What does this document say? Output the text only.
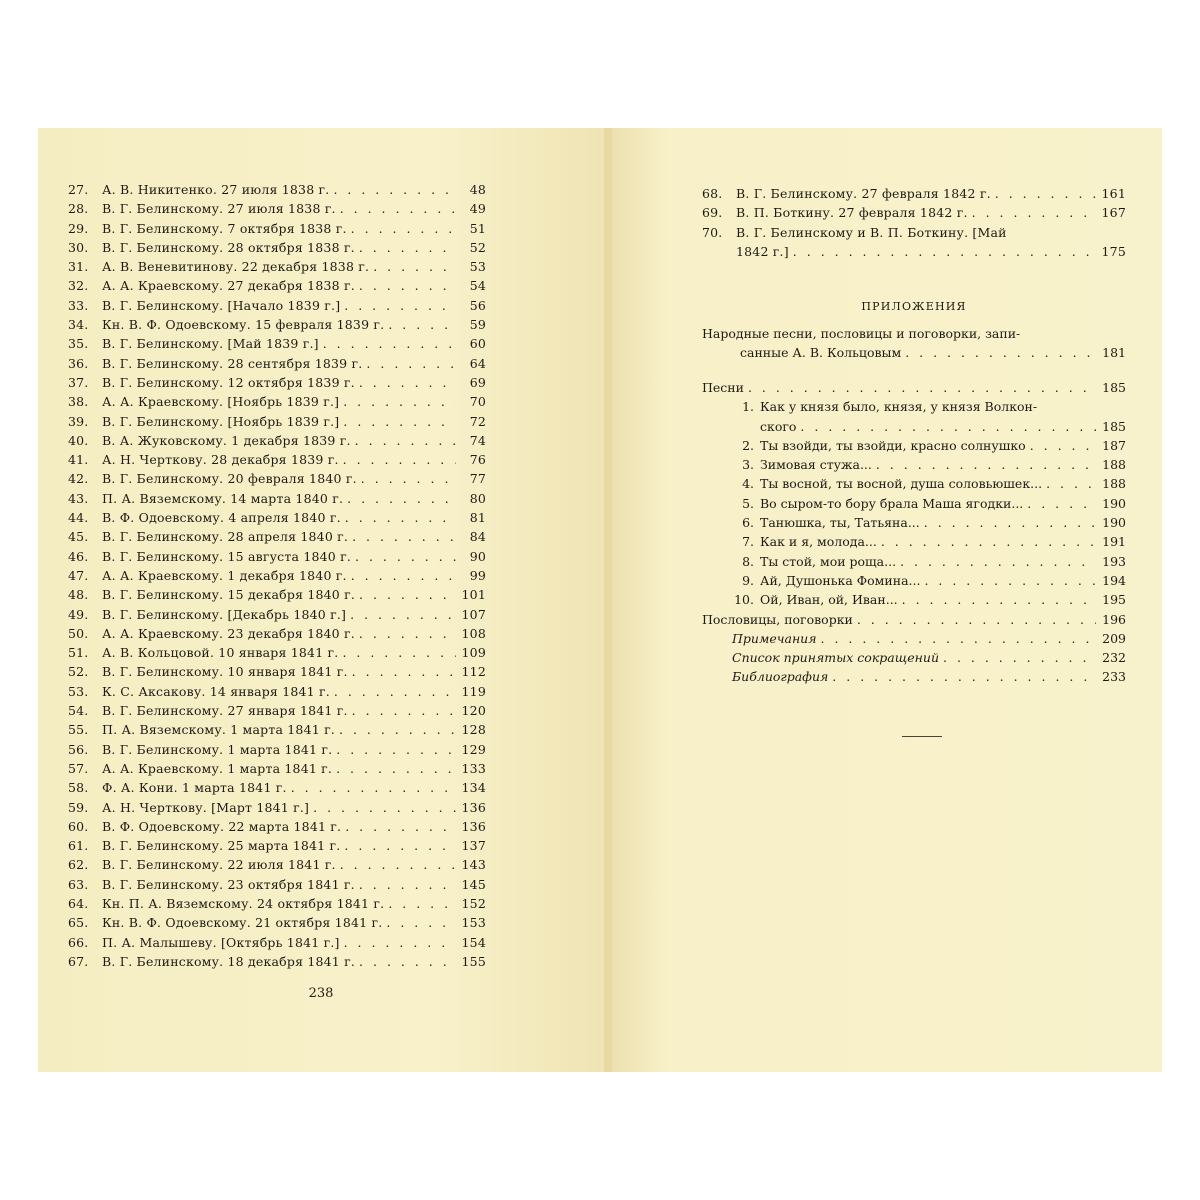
27.	А. В. Никитенко. 27 июля 1838 г. . . .	48
28.	В. Г. Белинскому. 27 июля 1838 г. . . .	49
29.	В. Г. Белинскому. 7 октября 1838 г. . . .	51
30.	В. Г. Белинскому. 28 октября 1838 г. . . .	52
31.	А. В. Веневитинову. 22 декабря 1838 г. . . .	53
32.	А. А. Краевскому. 27 декабря 1838 г. . . .	54
33.	В. Г. Белинскому. [Начало 1839 г.] . . .	56
34.	Кн. В. Ф. Одоевскому. 15 февраля 1839 г. . . .	59
35.	В. Г. Белинскому. [Май 1839 г.] . . .	60
36.	В. Г. Белинскому. 28 сентября 1839 г. . . .	64
37.	В. Г. Белинскому. 12 октября 1839 г. . . .	69
38.	А. А. Краевскому. [Ноябрь 1839 г.] . . .	70
39.	В. Г. Белинскому. [Ноябрь 1839 г.] . . .	72
40.	В. А. Жуковскому. 1 декабря 1839 г. . . .	74
41.	А. Н. Черткову. 28 декабря 1839 г. . . .	76
42.	В. Г. Белинскому. 20 февраля 1840 г. . . .	77
43.	П. А. Вяземскому. 14 марта 1840 г. . . .	80
44.	В. Ф. Одоевскому. 4 апреля 1840 г. . . .	81
45.	В. Г. Белинскому. 28 апреля 1840 г. . . .	84
46.	В. Г. Белинскому. 15 августа 1840 г. . . .	90
47.	А. А. Краевскому. 1 декабря 1840 г. . . .	99
48.	В. Г. Белинскому. 15 декабря 1840 г. . . .	101
49.	В. Г. Белинскому. [Декабрь 1840 г.] . . .	107
50.	А. А. Краевскому. 23 декабря 1840 г. . . .	108
51.	А. В. Кольцовой. 10 января 1841 г. . . .	109
52.	В. Г. Белинскому. 10 января 1841 г. . . .	112
53.	К. С. Аксакову. 14 января 1841 г. . . .	119
54.	В. Г. Белинскому. 27 января 1841 г. . . .	120
55.	П. А. Вяземскому. 1 марта 1841 г. . . .	128
56.	В. Г. Белинскому. 1 марта 1841 г. . . .	129
57.	А. А. Краевскому. 1 марта 1841 г. . . .	133
58.	Ф. А. Кони. 1 марта 1841 г. . . .	134
59.	А. Н. Черткову. [Март 1841 г.] . . .	136
60.	В. Ф. Одоевскому. 22 марта 1841 г. . . .	136
61.	В. Г. Белинскому. 25 марта 1841 г. . . .	137
62.	В. Г. Белинскому. 22 июля 1841 г. . . .	143
63.	В. Г. Белинскому. 23 октября 1841 г. . . .	145
64.	Кн. П. А. Вяземскому. 24 октября 1841 г. . . .	152
65.	Кн. В. Ф. Одоевскому. 21 октября 1841 г. . . .	153
66.	П. А. Малышеву. [Октябрь 1841 г.] . . .	154
67.	В. Г. Белинскому. 18 декабря 1841 г. . . .	155
238
68.	В. Г. Белинскому. 27 февраля 1842 г. . . .	161
69.	В. П. Боткину. 27 февраля 1842 г. . . .	167
70.	В. Г. Белинскому и В. П. Боткину. [Май
1842 г.] . . .	175
ПРИЛОЖЕНИЯ
Народные песни, пословицы и поговорки, запи-
санные А. В. Кольцовым . . .	181
Песни . . .	185
1. Как у князя было, князя, у князя Волкон-
ского . . .	185
2. Ты взойди, ты взойди, красно солнушко . . .	187
3. Зимовая стужа... . . .	188
4. Ты восной, ты восной, душа соловьюшек... . . .	188
5. Во сыром-то бору брала Маша ягодки... . . .	190
6. Танюшка, ты, Татьяна... . . .	190
7. Как и я, молода... . . .	191
8. Ты стой, мои роща... . . .	193
9. Ай, Душонька Фомина... . . .	194
10. Ой, Иван, ой, Иван... . . .	195
Пословицы, поговорки . . .	196
Примечания . . .	209
Список принятых сокращений . . .	232
Библиография . . .	233
